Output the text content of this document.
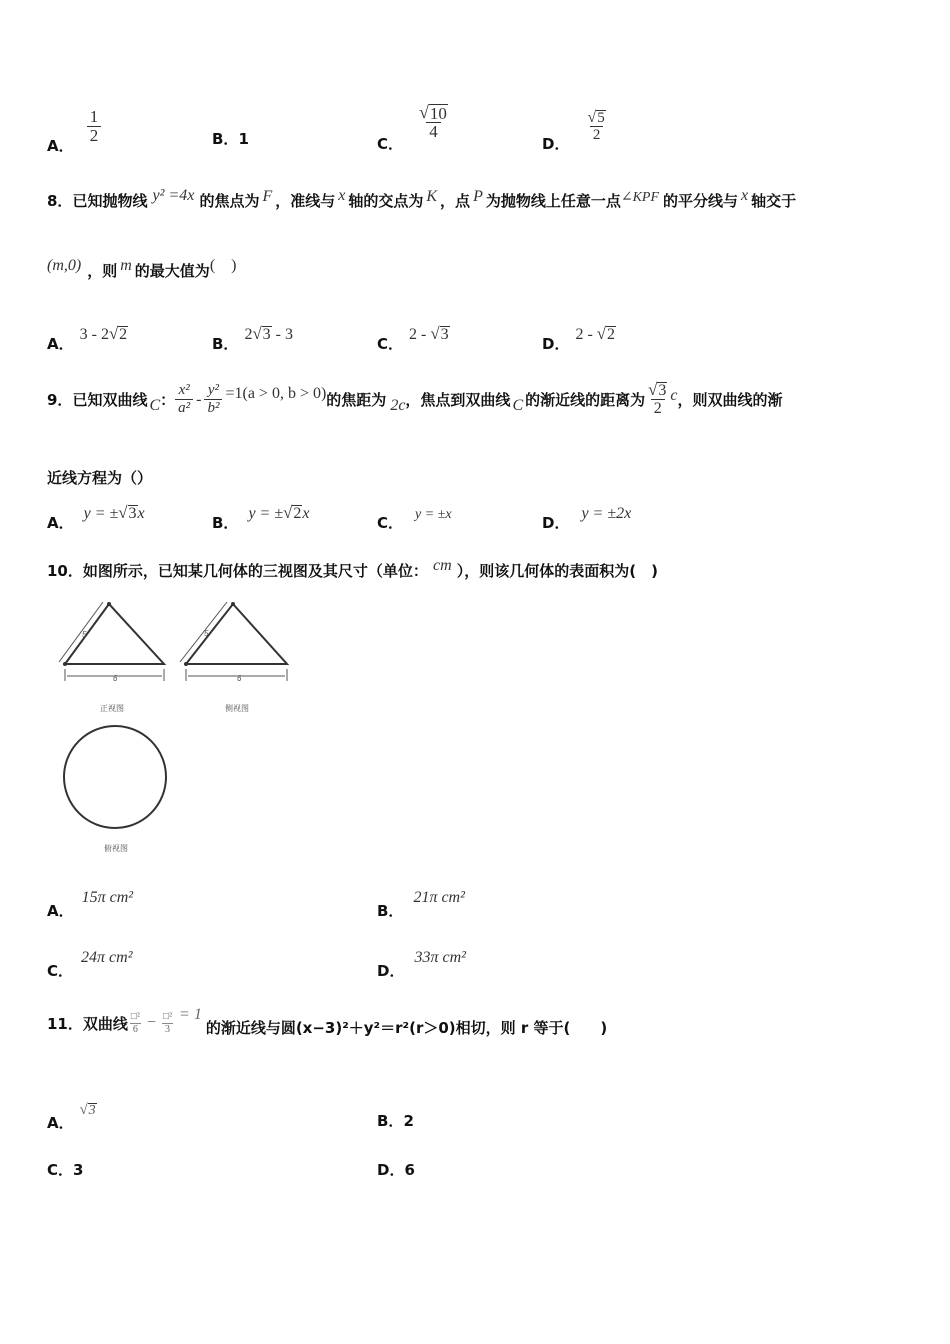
A．
$\frac{1}{2}$	B．1	C．
$\frac{√ 10}{4}$
D．
$\frac{√ 5}{2}$
8．已知抛物线 y² =4x 的焦点为 F ，准线与 x 轴的交点为 K ，点 P 为抛物线上任意一点∠KPF 的平分线与 x 轴交于
(m,0) ，则 m 的最大值为(　)
A．3 - 2 √ 2
B．2 √ 3 - 3
C．2 - √ 3
D．2 - √ 2
9． 已知双曲线 C ： $\frac{\text{x²}}{\text{a²}} - \frac{\text{y²}}{\text{b²}} =1(a > 0$, b > 0) 的焦距为 2c ，焦点到双曲线 C 的渐近线的距离为 $\frac{√ 3}{2}$ c ，则双曲线的渐
近线方程为（）
A．y = ± √ 3 x
B．y = ± √ 2 x
C． y = ±x	D．y = ±2x
10．如图所示，已知某几何体的三视图及其尺寸（单位： cm ），则该几何体的表面积为(　)
5
6
正视图
5
6
侧视图
俯视图
A．15π cm²
B．21π cm²
C．24π cm²
D．33π cm²
11． 双曲线 $\frac{\text{□²}}{6} - \frac{\text{□²}}{3} = 1$
的渐近线与圆(x−3)²＋y²＝r²(r＞0)相切，则 r 等于(　　)
A．
√ 3
B．2
C．3	D．6
